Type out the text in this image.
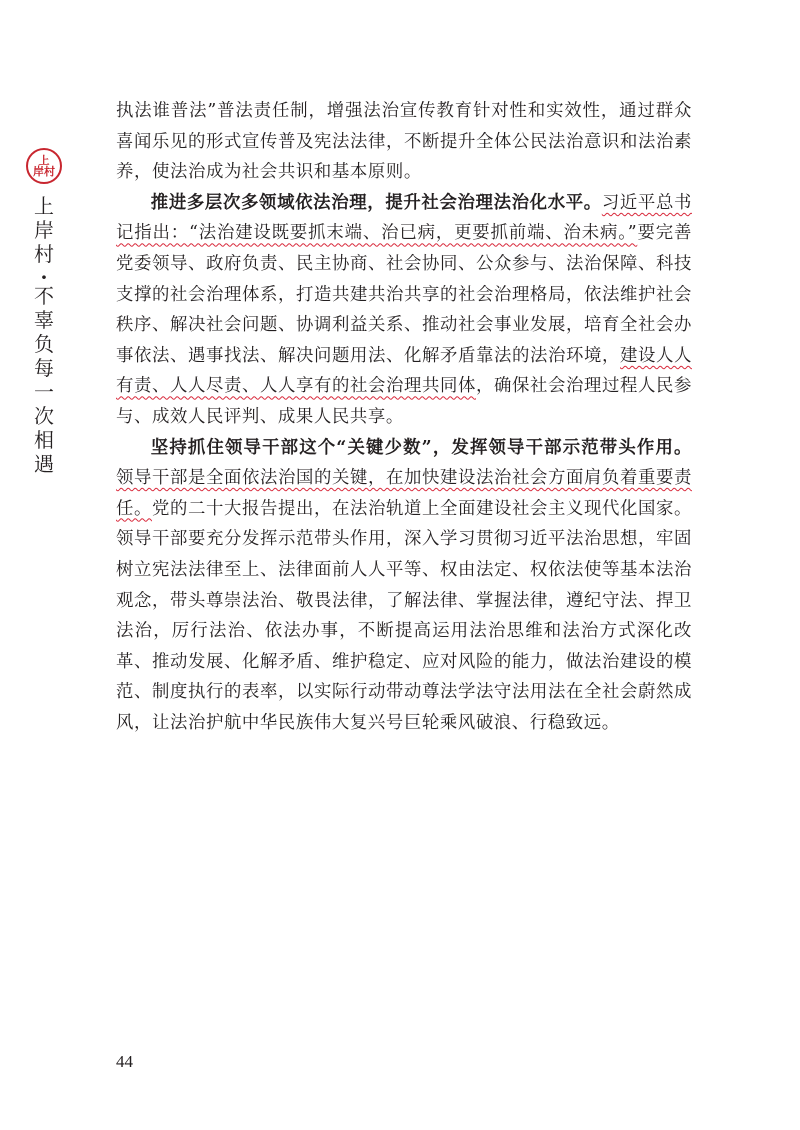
上
岸村
上
岸
村
·
不
辜
负
每
一
次
相
遇

执法谁普法”普法责任制，增强法治宣传教育针对性和实效性，通过群众喜闻乐见的形式宣传普及宪法法律，不断提升全体公民法治意识和法治素养，使法治成为社会共识和基本原则。

推进多层次多领域依法治理，提升社会治理法治化水平。习近平总书记指出：“法治建设既要抓末端、治已病，更要抓前端、治未病。”要完善党委领导、政府负责、民主协商、社会协同、公众参与、法治保障、科技支撑的社会治理体系，打造共建共治共享的社会治理格局，依法维护社会秩序、解决社会问题、协调利益关系、推动社会事业发展，培育全社会办事依法、遇事找法、解决问题用法、化解矛盾靠法的法治环境，建设人人有责、人人尽责、人人享有的社会治理共同体，确保社会治理过程人民参与、成效人民评判、成果人民共享。

坚持抓住领导干部这个“关键少数”，发挥领导干部示范带头作用。领导干部是全面依法治国的关键，在加快建设法治社会方面肩负着重要责任。党的二十大报告提出，在法治轨道上全面建设社会主义现代化国家。领导干部要充分发挥示范带头作用，深入学习贯彻习近平法治思想，牢固树立宪法法律至上、法律面前人人平等、权由法定、权依法使等基本法治观念，带头尊崇法治、敬畏法律，了解法律、掌握法律，遵纪守法、捍卫法治，厉行法治、依法办事，不断提高运用法治思维和法治方式深化改革、推动发展、化解矛盾、维护稳定、应对风险的能力，做法治建设的模范、制度执行的表率，以实际行动带动尊法学法守法用法在全社会蔚然成风，让法治护航中华民族伟大复兴号巨轮乘风破浪、行稳致远。

44
